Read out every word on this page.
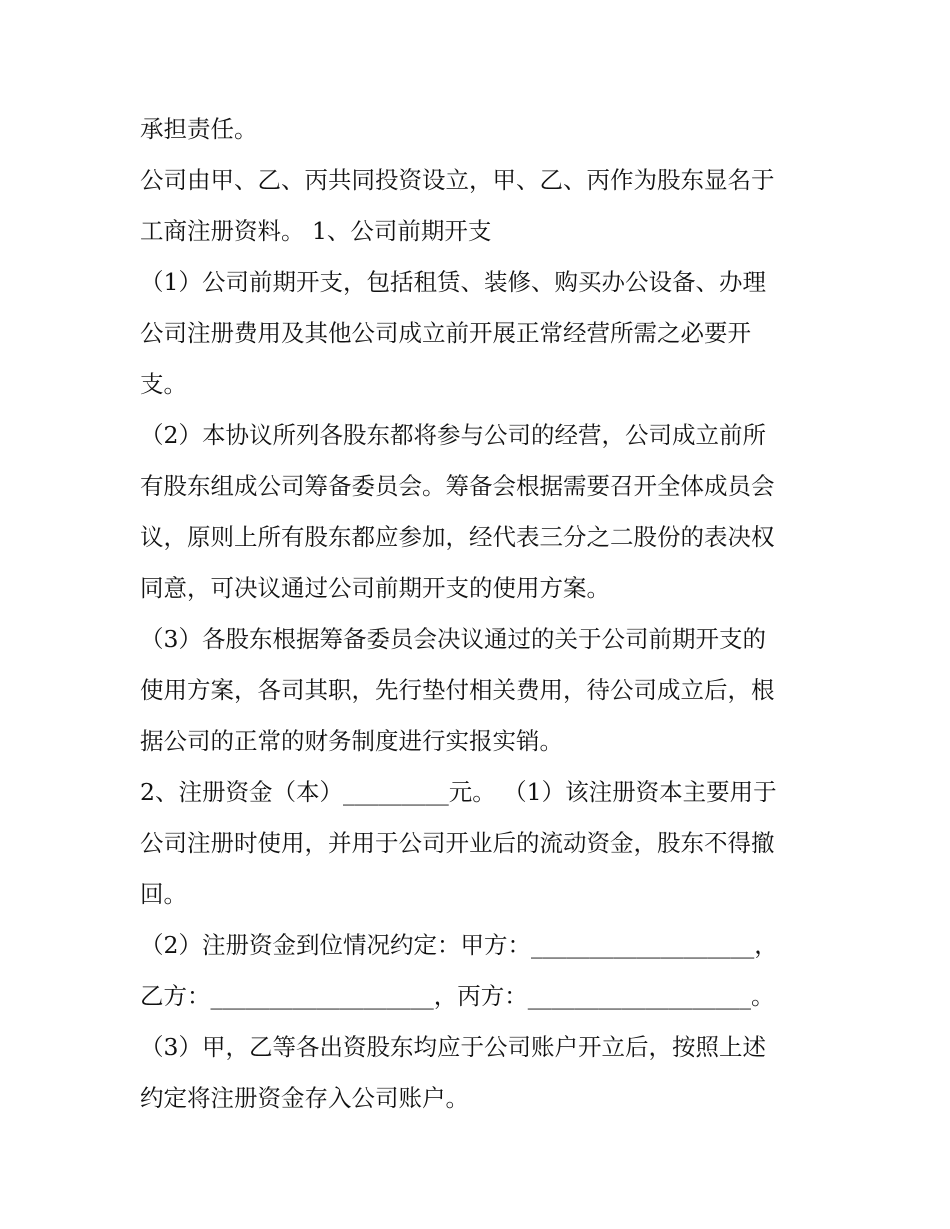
承担责任。
公司由甲、乙、丙共同投资设立，甲、乙、丙作为股东显名于
工商注册资料。 1、公司前期开支
（1）公司前期开支，包括租赁、装修、购买办公设备、办理
公司注册费用及其他公司成立前开展正常经营所需之必要开
支。
（2）本协议所列各股东都将参与公司的经营，公司成立前所
有股东组成公司筹备委员会。筹备会根据需要召开全体成员会
议，原则上所有股东都应参加，经代表三分之二股份的表决权
同意，可决议通过公司前期开支的使用方案。
（3）各股东根据筹备委员会决议通过的关于公司前期开支的
使用方案，各司其职，先行垫付相关费用，待公司成立后，根
据公司的正常的财务制度进行实报实销。
2、注册资金（本）_________元。 （1）该注册资本主要用于
公司注册时使用，并用于公司开业后的流动资金，股东不得撤
回。
（2）注册资金到位情况约定：甲方：___________________，
乙方：___________________，丙方：___________________。
（3）甲，乙等各出资股东均应于公司账户开立后，按照上述
约定将注册资金存入公司账户。
